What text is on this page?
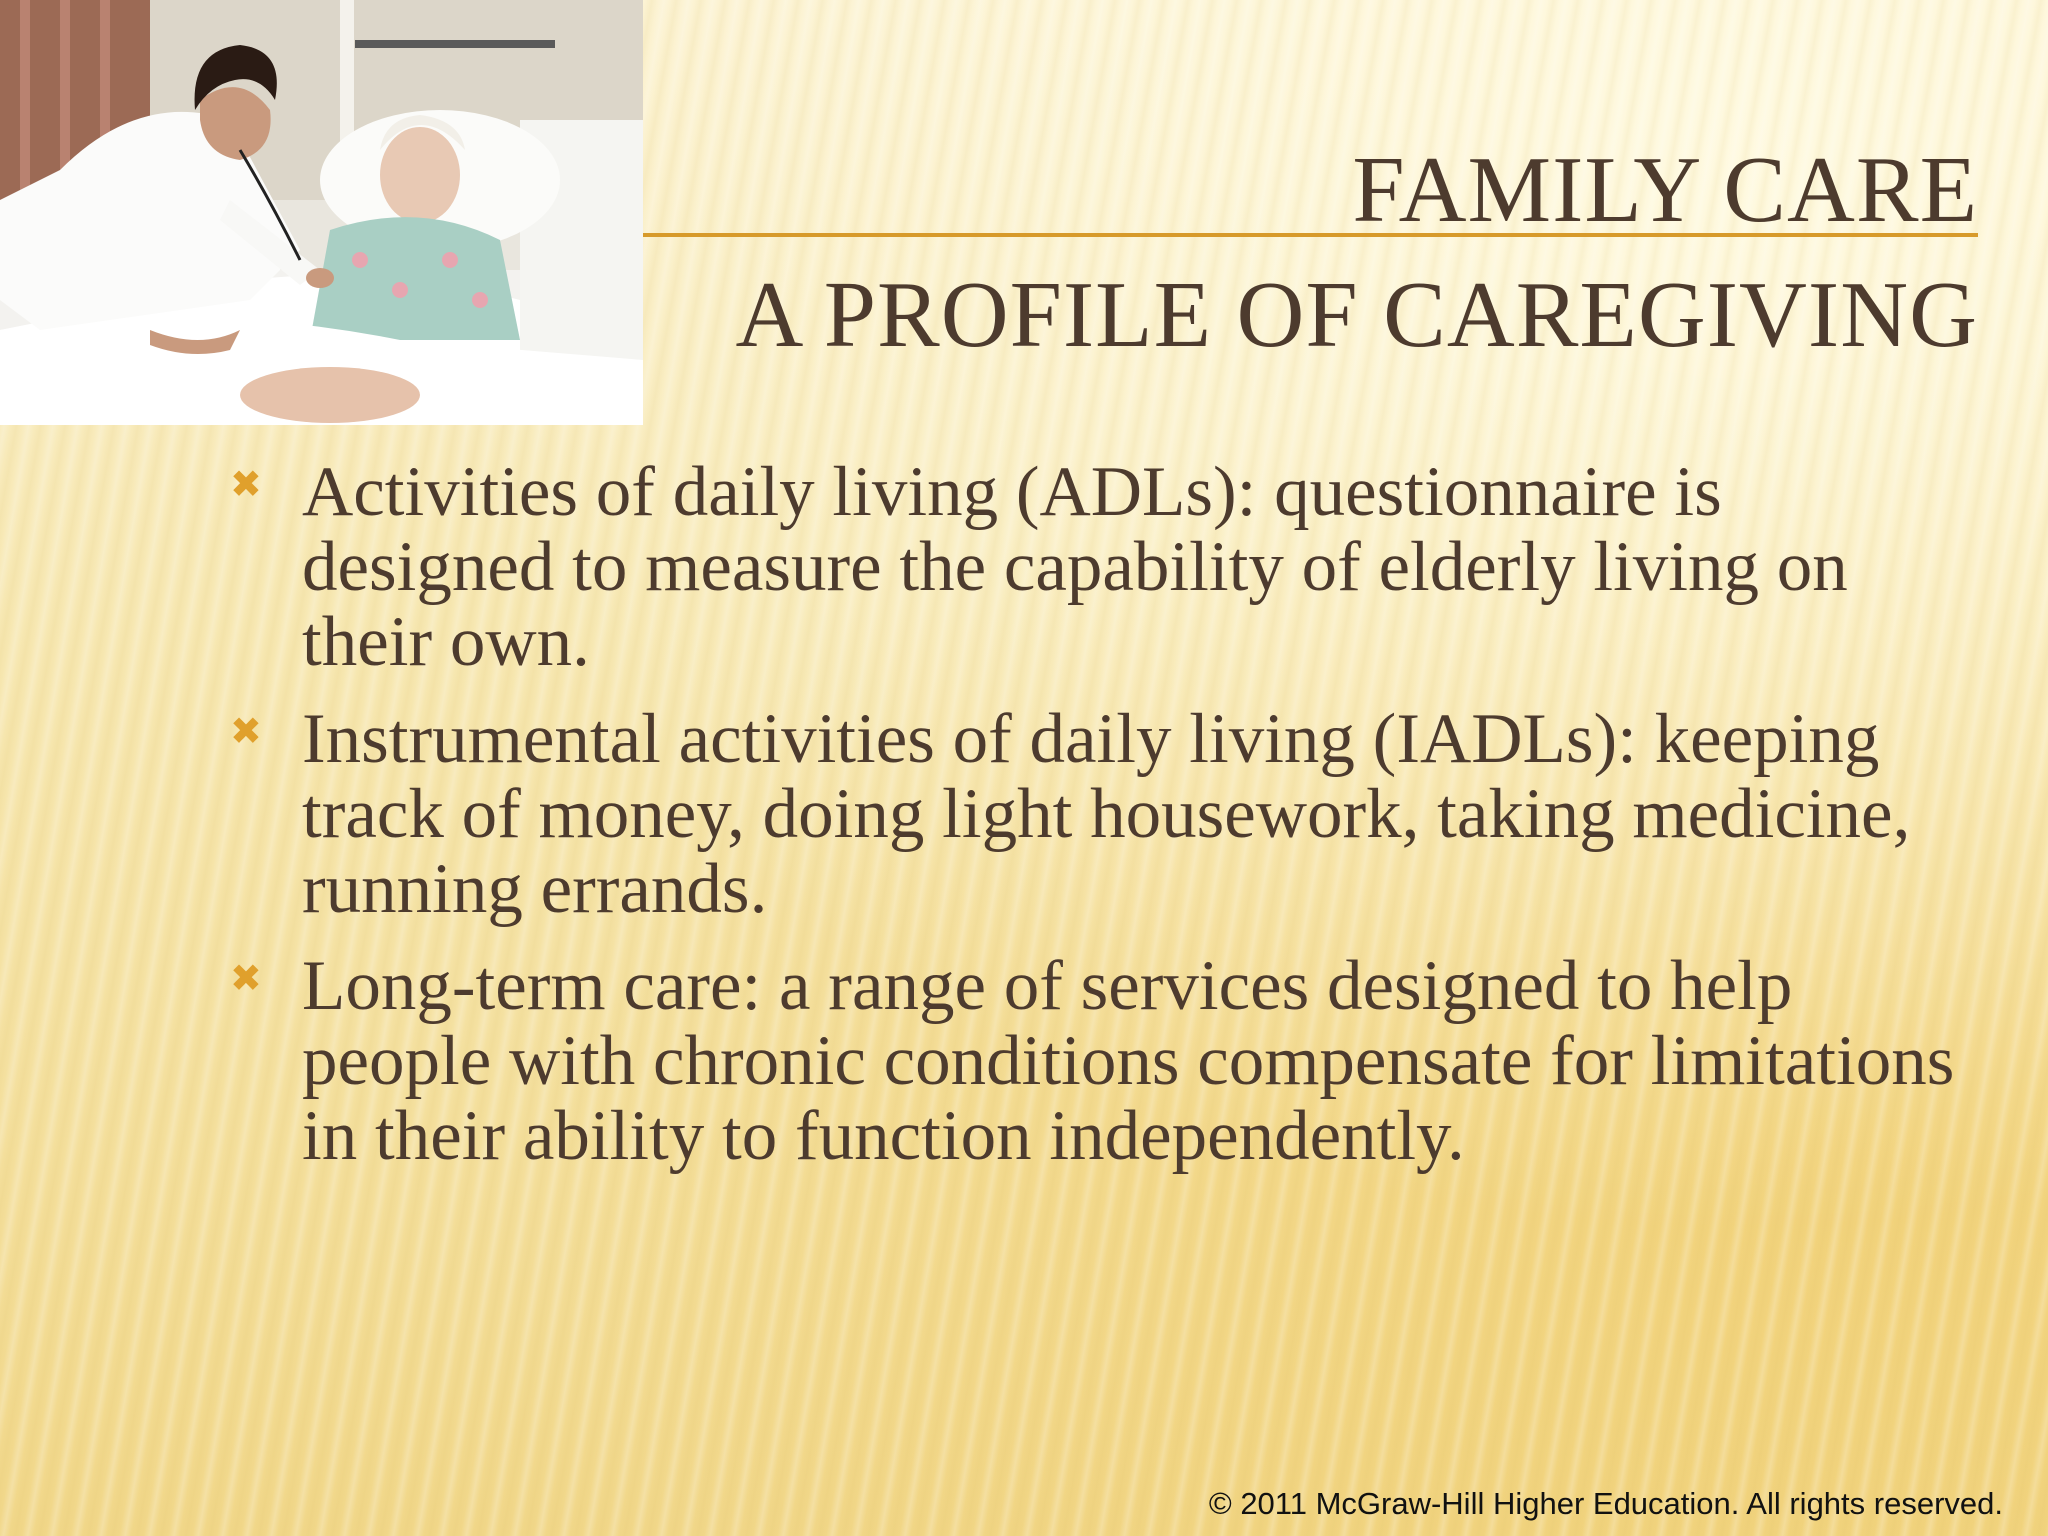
FAMILY CARE
A PROFILE OF CAREGIVING
✖ Activities of daily living (ADLs): questionnaire is designed to measure the capability of elderly living on their own.
✖ Instrumental activities of daily living (IADLs): keeping track of money, doing light housework, taking medicine, running errands.
✖ Long-term care: a range of services designed to help people with chronic conditions compensate for limitations in their ability to function independently.
© 2011 McGraw-Hill Higher Education. All rights reserved.
